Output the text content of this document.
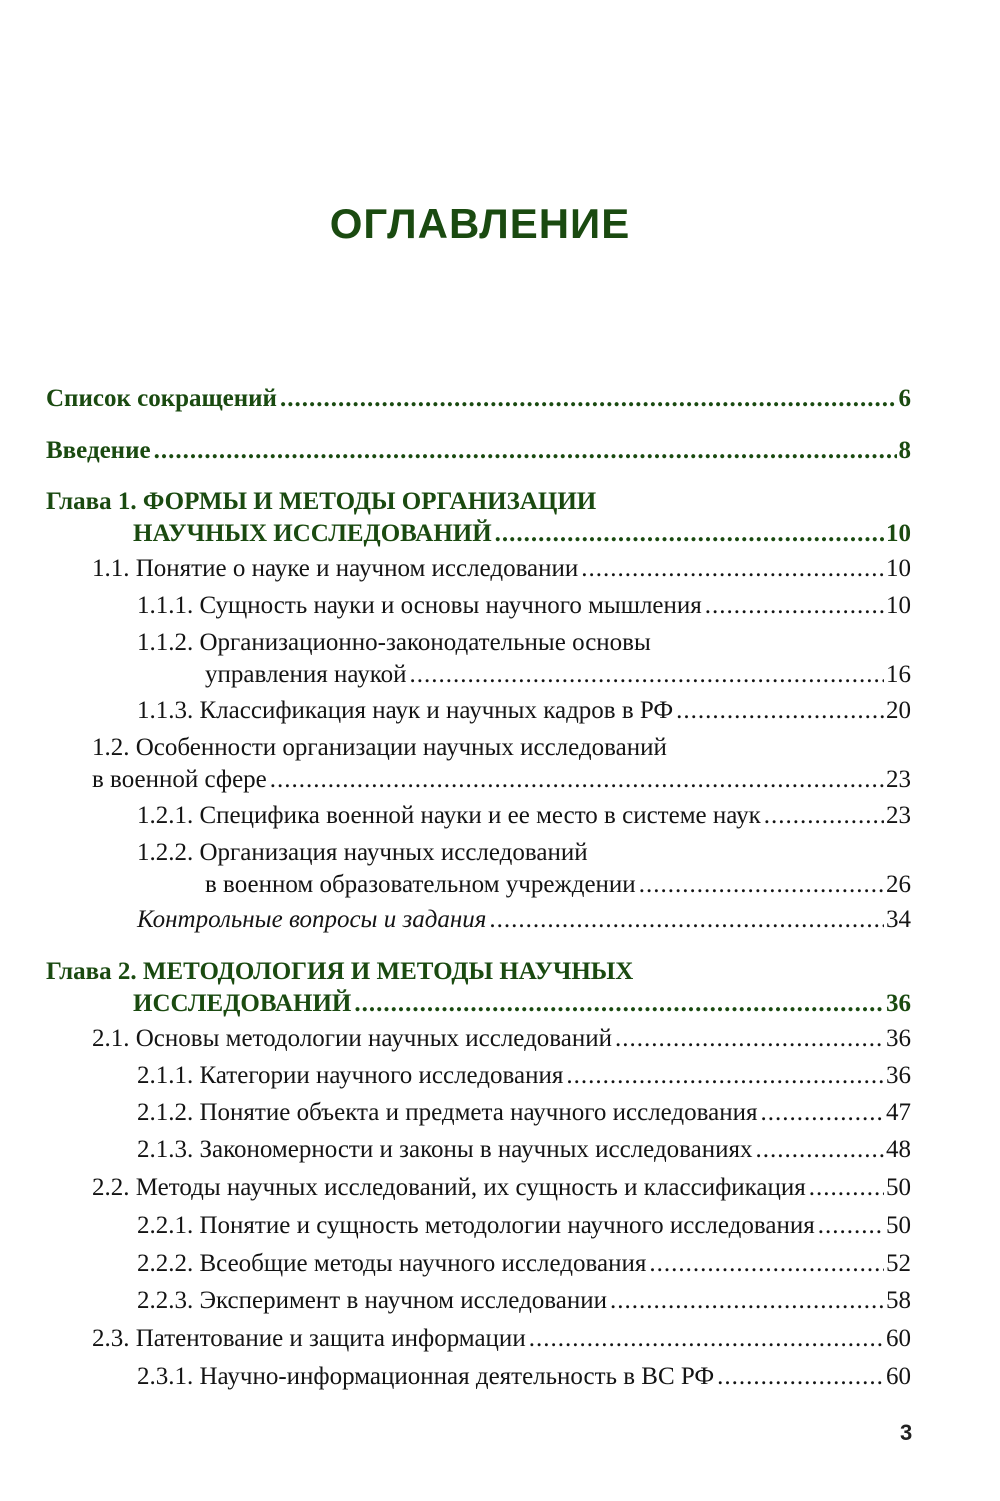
ОГЛАВЛЕНИЕ
Список сокращений .....	6
Введение .....	8
Глава 1. ФОРМЫ И МЕТОДЫ ОРГАНИЗАЦИИ
НАУЧНЫХ ИССЛЕДОВАНИЙ .....	10
1.1. Понятие о науке и научном исследовании .....	10
1.1.1. Сущность науки и основы научного мышления .....	10
1.1.2. Организационно-законодательные основы
управления наукой .....	16
1.1.3. Классификация наук и научных кадров в РФ .....	20
1.2. Особенности организации научных исследований
в военной сфере .....	23
1.2.1. Специфика военной науки и ее место в системе наук .....	23
1.2.2. Организация научных исследований
в военном образовательном учреждении .....	26
Контрольные вопросы и задания .....	34
Глава 2. МЕТОДОЛОГИЯ И МЕТОДЫ НАУЧНЫХ
ИССЛЕДОВАНИЙ .....	36
2.1. Основы методологии научных исследований .....	36
2.1.1. Категории научного исследования .....	36
2.1.2. Понятие объекта и предмета научного исследования .....	47
2.1.3. Закономерности и законы в научных исследованиях .....	48
2.2. Методы научных исследований, их сущность и классификация .....	50
2.2.1. Понятие и сущность методологии научного исследования .....	50
2.2.2. Всеобщие методы научного исследования .....	52
2.2.3. Эксперимент в научном исследовании .....	58
2.3. Патентование и защита информации .....	60
2.3.1. Научно-информационная деятельность в ВС РФ .....	60
3
